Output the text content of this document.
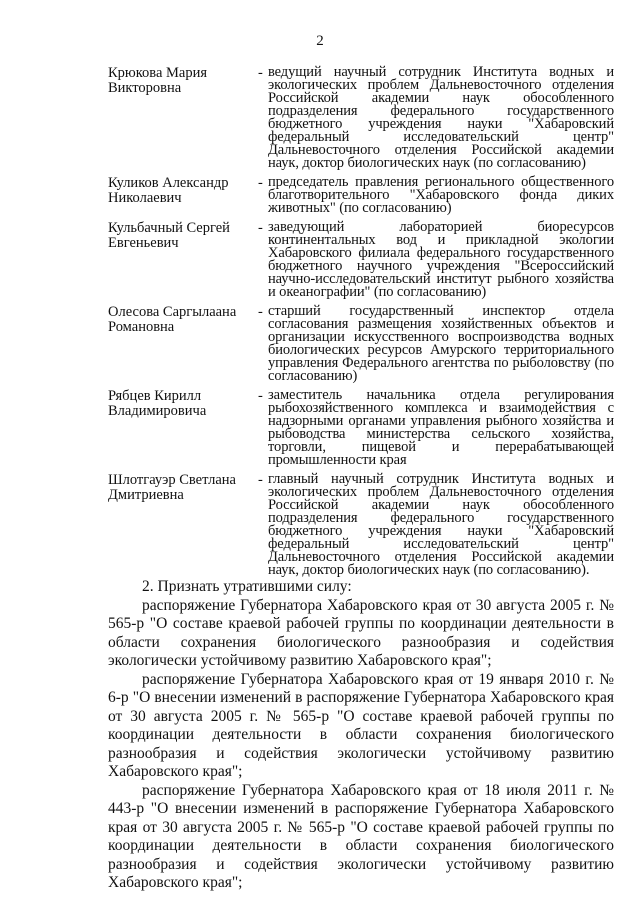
2
Крюкова Мария
Викторовна
- ведущий научный сотрудник Института водных и экологических проблем Дальневосточного отделения Российской академии наук обособленного подразделения федерального государственного бюджетного учреждения науки "Хабаровский федеральный исследовательский центр" Дальневосточного отделения Российской академии наук, доктор биологических наук (по согласованию)
Куликов Александр
Николаевич
- председатель правления регионального общественного благотворительного "Хабаровского фонда диких животных" (по согласованию)
Кульбачный Сергей
Евгеньевич
- заведующий лабораторией биоресурсов континентальных вод и прикладной экологии Хабаровского филиала федерального государственного бюджетного научного учреждения "Всероссийский научно-исследовательский институт рыбного хозяйства и океанографии" (по согласованию)
Олесова Саргылаана
Романовна
- старший государственный инспектор отдела согласования размещения хозяйственных объектов и организации искусственного воспроизводства водных биологических ресурсов Амурского территориального управления Федерального агентства по рыболовству (по согласованию)
Рябцев Кирилл
Владимировича
- заместитель начальника отдела регулирования рыбохозяйственного комплекса и взаимодействия с надзорными органами управления рыбного хозяйства и рыбоводства министерства сельского хозяйства, торговли, пищевой и перерабатывающей промышленности края
Шлотгауэр Светлана
Дмитриевна
- главный научный сотрудник Института водных и экологических проблем Дальневосточного отделения Российской академии наук обособленного подразделения федерального государственного бюджетного учреждения науки "Хабаровский федеральный исследовательский центр" Дальневосточного отделения Российской академии наук, доктор биологических наук (по согласованию).

2. Признать утратившими силу:

распоряжение Губернатора Хабаровского края от 30 августа 2005 г. № 565-р "О составе краевой рабочей группы по координации деятельности в области сохранения биологического разнообразия и содействия экологически устойчивому развитию Хабаровского края";

распоряжение Губернатора Хабаровского края от 19 января 2010 г. № 6-р "О внесении изменений в распоряжение Губернатора Хабаровского края от 30 августа 2005 г. № 565-р "О составе краевой рабочей группы по координации деятельности в области сохранения биологического разнообразия и содействия экологически устойчивому развитию Хабаровского края";

распоряжение Губернатора Хабаровского края от 18 июля 2011 г. № 443-р "О внесении изменений в распоряжение Губернатора Хабаровского края от 30 августа 2005 г. № 565-р "О составе краевой рабочей группы по координации деятельности в области сохранения биологического разнообразия и содействия экологически устойчивому развитию Хабаровского края";
